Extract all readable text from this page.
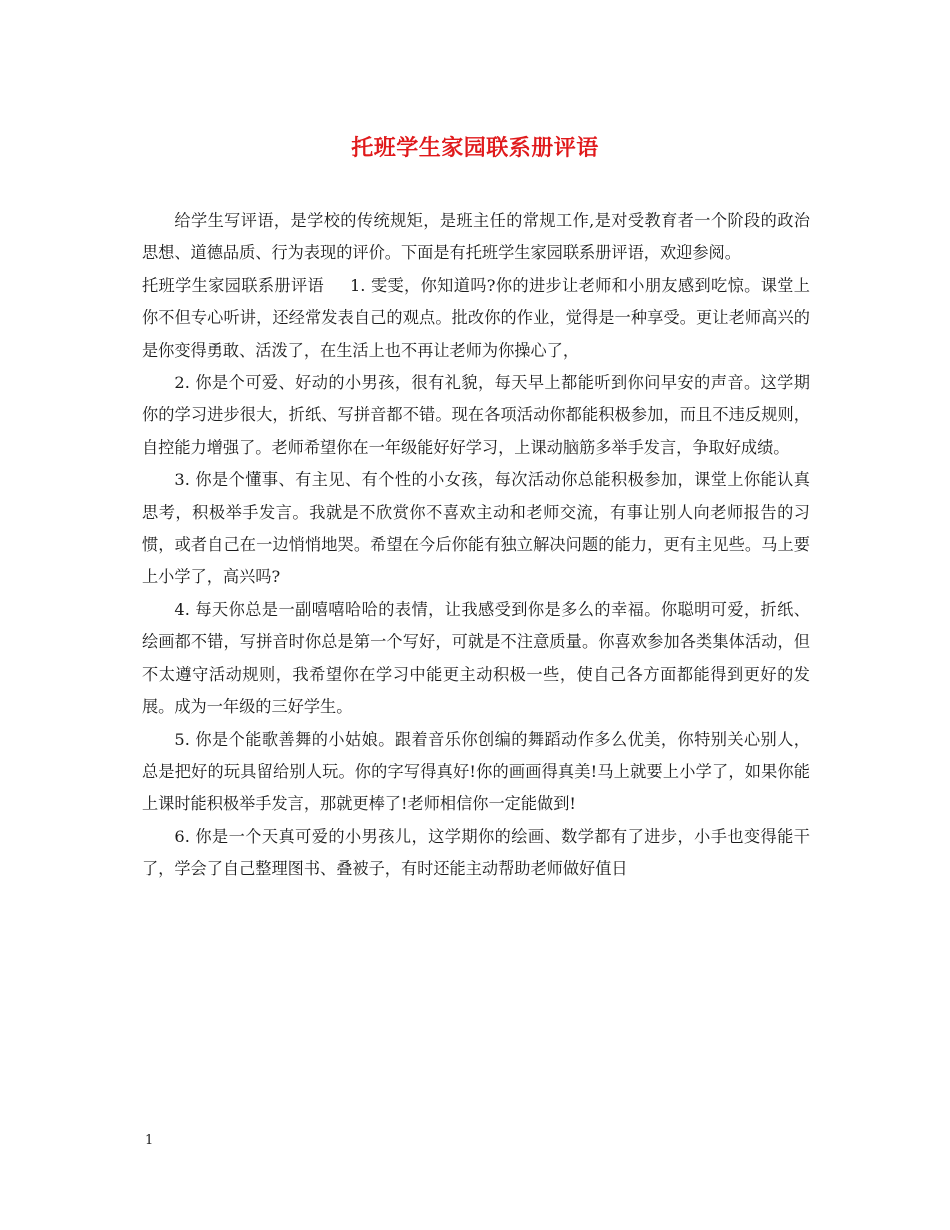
托班学生家园联系册评语

给学生写评语，是学校的传统规矩，是班主任的常规工作,是对受教育者一个阶段的政治思想、道德品质、行为表现的评价。下面是有托班学生家园联系册评语，欢迎参阅。

托班学生家园联系册评语 1. 雯雯，你知道吗?你的进步让老师和小朋友感到吃惊。课堂上你不但专心听讲，还经常发表自己的观点。批改你的作业，觉得是一种享受。更让老师高兴的是你变得勇敢、活泼了，在生活上也不再让老师为你操心了，

2. 你是个可爱、好动的小男孩，很有礼貌，每天早上都能听到你问早安的声音。这学期你的学习进步很大，折纸、写拼音都不错。现在各项活动你都能积极参加，而且不违反规则，自控能力增强了。老师希望你在一年级能好好学习，上课动脑筋多举手发言，争取好成绩。

3. 你是个懂事、有主见、有个性的小女孩，每次活动你总能积极参加，课堂上你能认真思考，积极举手发言。我就是不欣赏你不喜欢主动和老师交流，有事让别人向老师报告的习惯，或者自己在一边悄悄地哭。希望在今后你能有独立解决问题的能力，更有主见些。马上要上小学了，高兴吗?

4. 每天你总是一副嘻嘻哈哈的表情，让我感受到你是多么的幸福。你聪明可爱，折纸、绘画都不错，写拼音时你总是第一个写好，可就是不注意质量。你喜欢参加各类集体活动，但不太遵守活动规则，我希望你在学习中能更主动积极一些，使自己各方面都能得到更好的发展。成为一年级的三好学生。

5. 你是个能歌善舞的小姑娘。跟着音乐你创编的舞蹈动作多么优美，你特别关心别人，总是把好的玩具留给别人玩。你的字写得真好!你的画画得真美!马上就要上小学了，如果你能上课时能积极举手发言，那就更棒了!老师相信你一定能做到!

6. 你是一个天真可爱的小男孩儿，这学期你的绘画、数学都有了进步，小手也变得能干了，学会了自己整理图书、叠被子，有时还能主动帮助老师做好值日

1
